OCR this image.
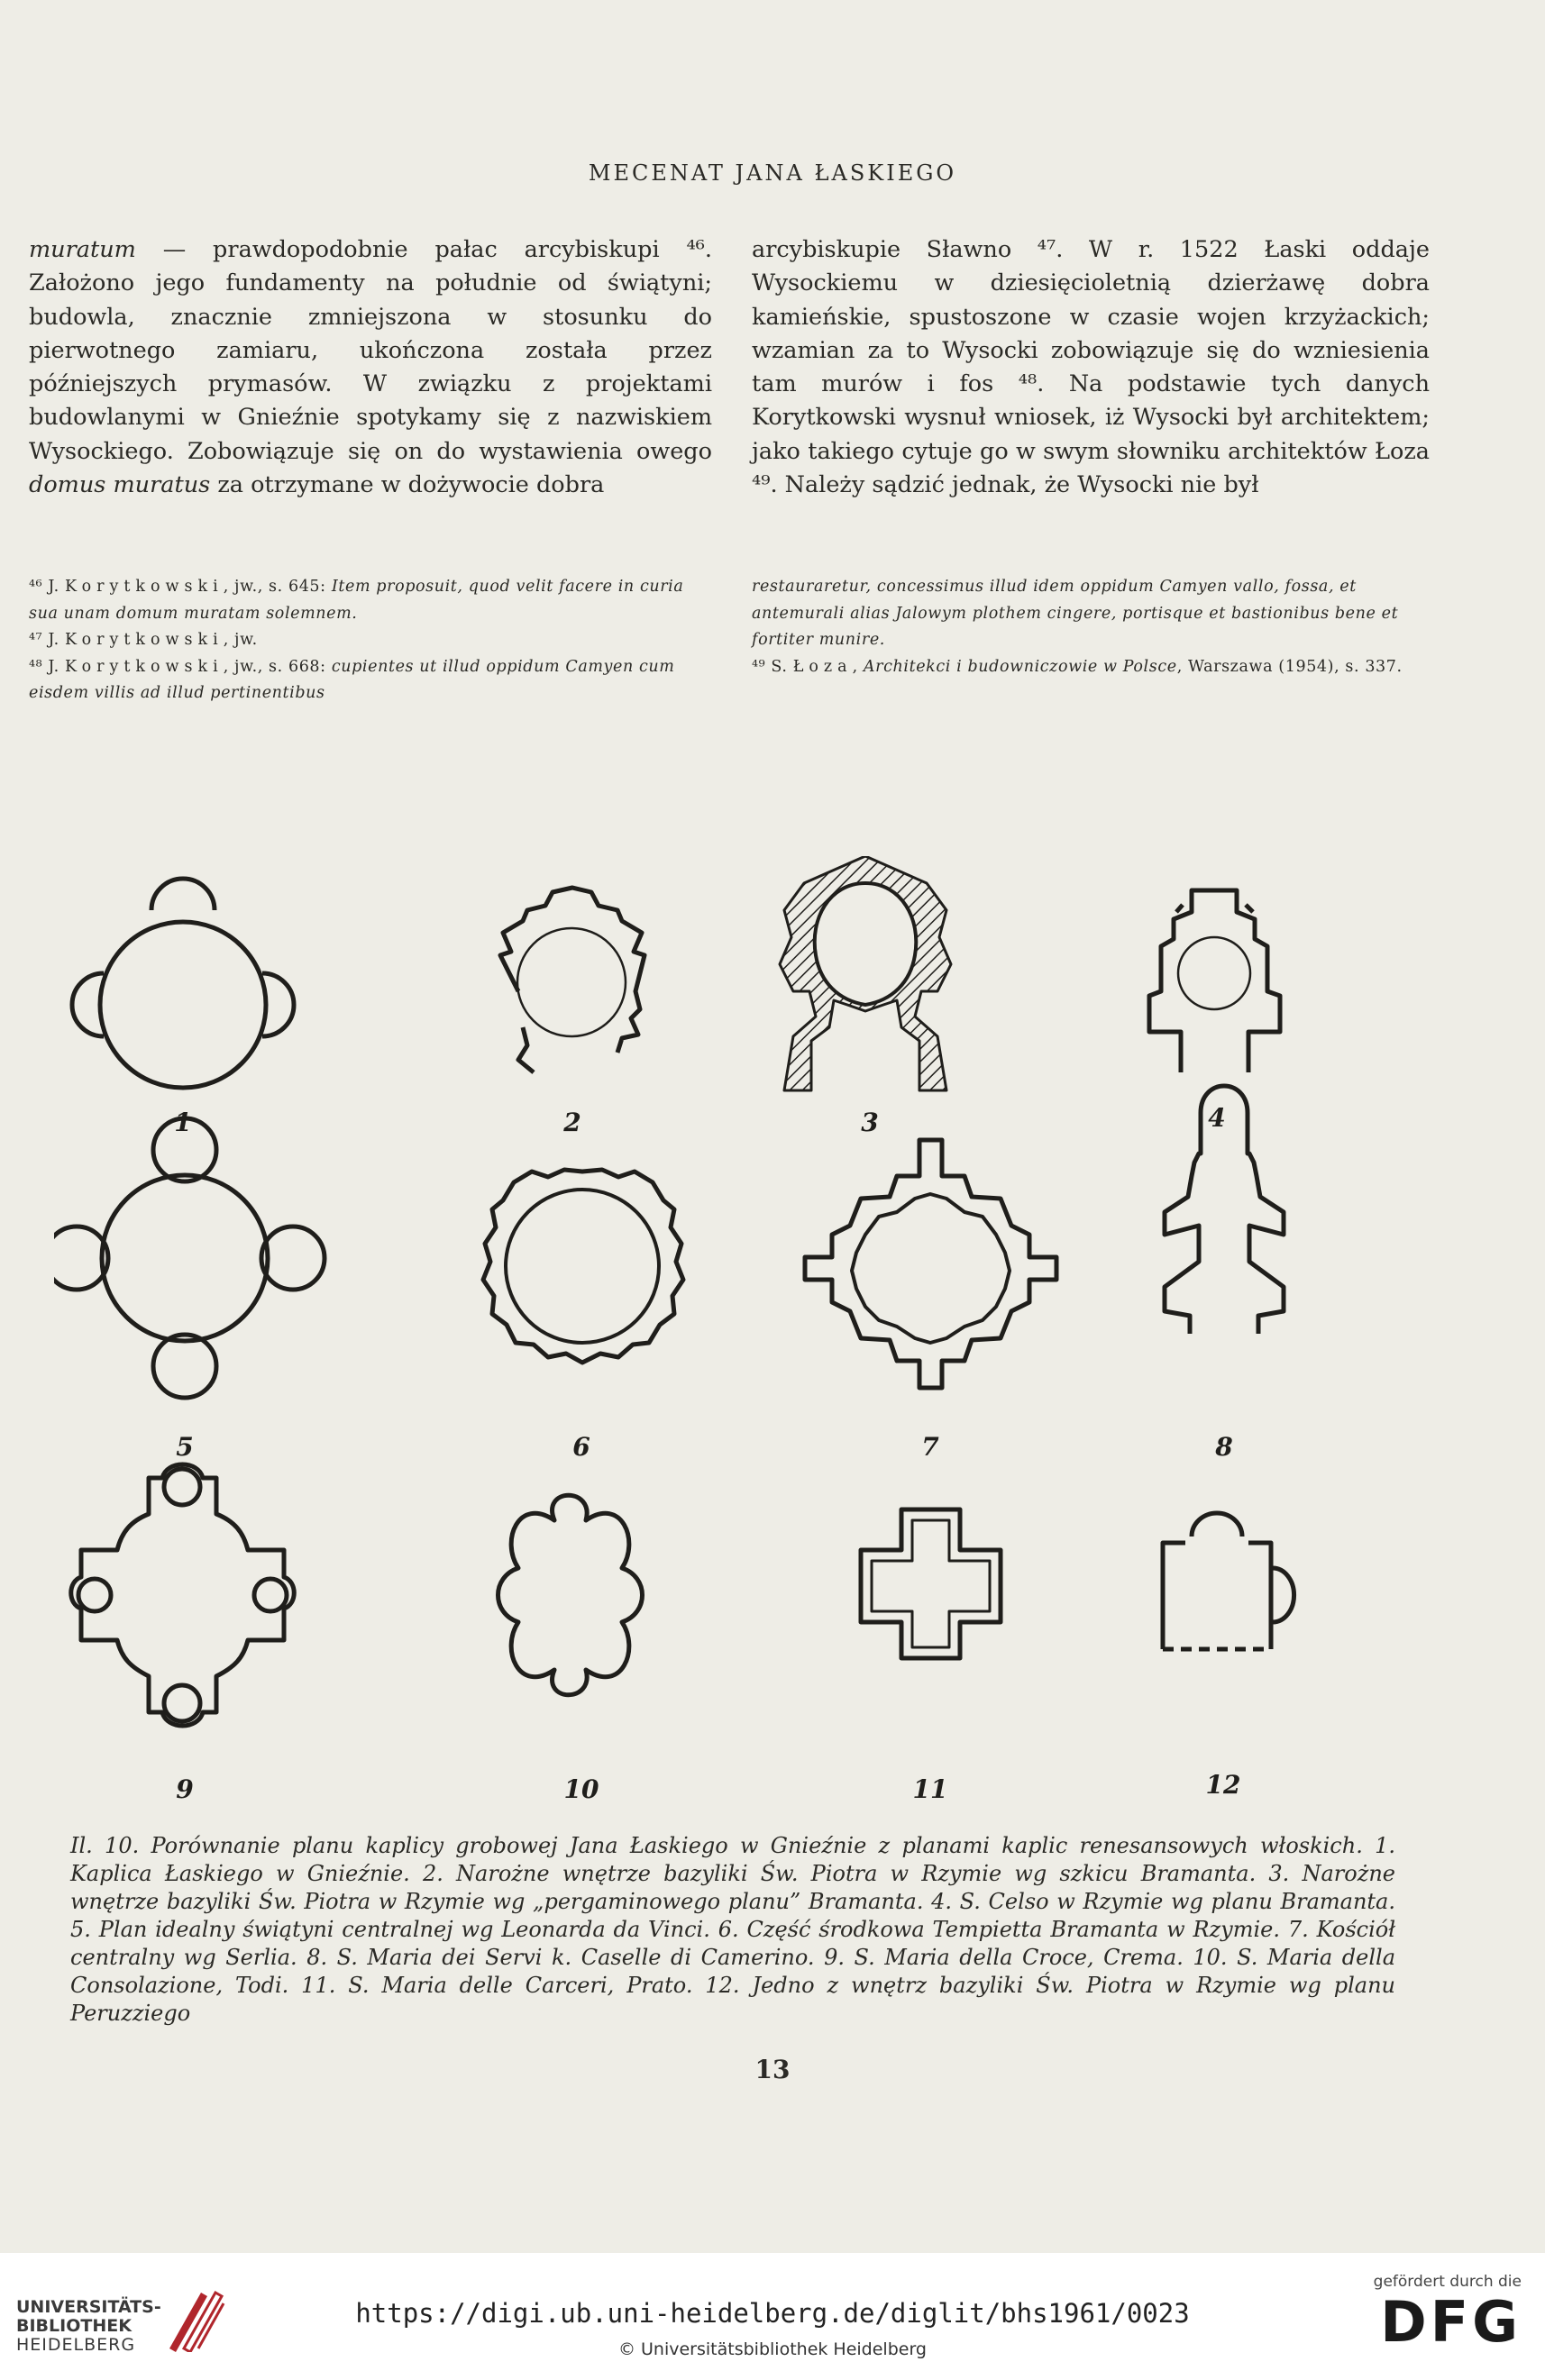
MECENAT JANA ŁASKIEGO

muratum — prawdopodobnie pałac arcybiskupi ⁴⁶. Założono jego fundamenty na południe od świątyni; budowla, znacznie zmniejszona w stosunku do pierwotnego zamiaru, ukończona została przez późniejszych prymasów. W związku z projektami budowlanymi w Gnieźnie spotykamy się z nazwiskiem Wysockiego. Zobowiązuje się on do wystawienia owego domus muratus za otrzymane w dożywocie dobra

arcybiskupie Sławno ⁴⁷. W r. 1522 Łaski oddaje Wysockiemu w dziesięcioletnią dzierżawę dobra kamieńskie, spustoszone w czasie wojen krzyżackich; wzamian za to Wysocki zobowiązuje się do wzniesienia tam murów i fos ⁴⁸. Na podstawie tych danych Korytkowski wysnuł wniosek, iż Wysocki był architektem; jako takiego cytuje go w swym słowniku architektów Łoza ⁴⁹. Należy sądzić jednak, że Wysocki nie był

⁴⁶ J. Korytkowski, jw., s. 645: Item proposuit, quod velit facere in curia sua unam domum muratam solemnem.

⁴⁷ J. Korytkowski, jw.

⁴⁸ J. Korytkowski, jw., s. 668: cupientes ut illud oppidum Camyen cum eisdem villis ad illud pertinentibus

restauraretur, concessimus illud idem oppidum Camyen vallo, fossa, et antemurali alias Jalowym plothem cingere, portisque et bastionibus bene et fortiter munire.

⁴⁹ S. Łoza, Architekci i budowniczowie w Polsce, Warszawa (1954), s. 337.

1	2	3	4
5	6	7	8
9	10	11	12
Il. 10. Porównanie planu kaplicy grobowej Jana Łaskiego w Gnieźnie z planami kaplic renesansowych włoskich. 1. Kaplica Łaskiego w Gnieźnie. 2. Narożne wnętrze bazyliki Św. Piotra w Rzymie wg szkicu Bramanta. 3. Narożne wnętrze bazyliki Św. Piotra w Rzymie wg „pergaminowego planu” Bramanta. 4. S. Celso w Rzymie wg planu Bramanta. 5. Plan idealny świątyni centralnej wg Leonarda da Vinci. 6. Część środkowa Tempietta Bramanta w Rzymie. 7. Kościół centralny wg Serlia. 8. S. Maria dei Servi k. Caselle di Camerino. 9. S. Maria della Croce, Crema. 10. S. Maria della Consolazione, Todi. 11. S. Maria delle Carceri, Prato. 12. Jedno z wnętrz bazyliki Św. Piotra w Rzymie wg planu Peruzziego
13
UNIVERSITÄTS-
BIBLIOTHEK
HEIDELBERG
https://digi.ub.uni-heidelberg.de/diglit/bhs1961/0023
© Universitätsbibliothek Heidelberg
gefördert durch die
DFG
